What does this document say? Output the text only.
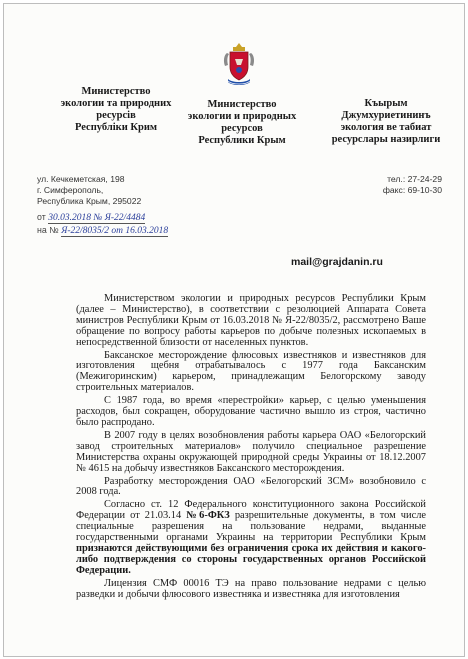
Министерство
экологии та природних
ресурсів
Республіки Крим
Министерство
экологии и природных
ресурсов
Республики Крым
Къырым
Джумхуриетининъ
экология ве табиат
ресурслары назирлиги
ул. Кечкеметская, 198
г. Симферополь,
Республика Крым, 295022
тел.: 27-24-29
факс: 69-10-30
от 30.03.2018 № Я-22/4484
на № Я-22/8035/2 от 16.03.2018
mail@grajdanin.ru

Министерством экологии и природных ресурсов Республики Крым (далее – Министерство), в соответствии с резолюцией Аппарата Совета министров Республики Крым от 16.03.2018 № Я-22/8035/2, рассмотрено Ваше обращение по вопросу работы карьеров по добыче полезных ископаемых в непосредственной близости от населенных пунктов.

Баксанское месторождение флюсовых известняков и известняков для изготовления щебня отрабатывалось с 1977 года Баксанским (Межигоринским) карьером, принадлежащим Белогорскому заводу строительных материалов.

С 1987 года, во время «перестройки» карьер, с целью уменьшения расходов, был сокращен, оборудование частично вышло из строя, частично было распродано.

В 2007 году в целях возобновления работы карьера ОАО «Белогорский завод строительных материалов» получило специальное разрешение Министерства охраны окружающей природной среды Украины от 18.12.2007 № 4615 на добычу известняков Баксанского месторождения.

Разработку месторождения ОАО «Белогорский ЗСМ» возобновило с 2008 года.

Согласно ст. 12 Федерального конституционного закона Российской Федерации от 21.03.14 №6-ФКЗ разрешительные документы, в том числе специальные разрешения на пользование недрами, выданные государственными органами Украины на территории Республики Крым признаются действующими без ограничения срока их действия и какого-либо подтверждения со стороны государственных органов Российской Федерации.

Лицензия СМФ 00016 ТЭ на право пользование недрами с целью разведки и добычи флюсового известняка и известняка для изготовления
